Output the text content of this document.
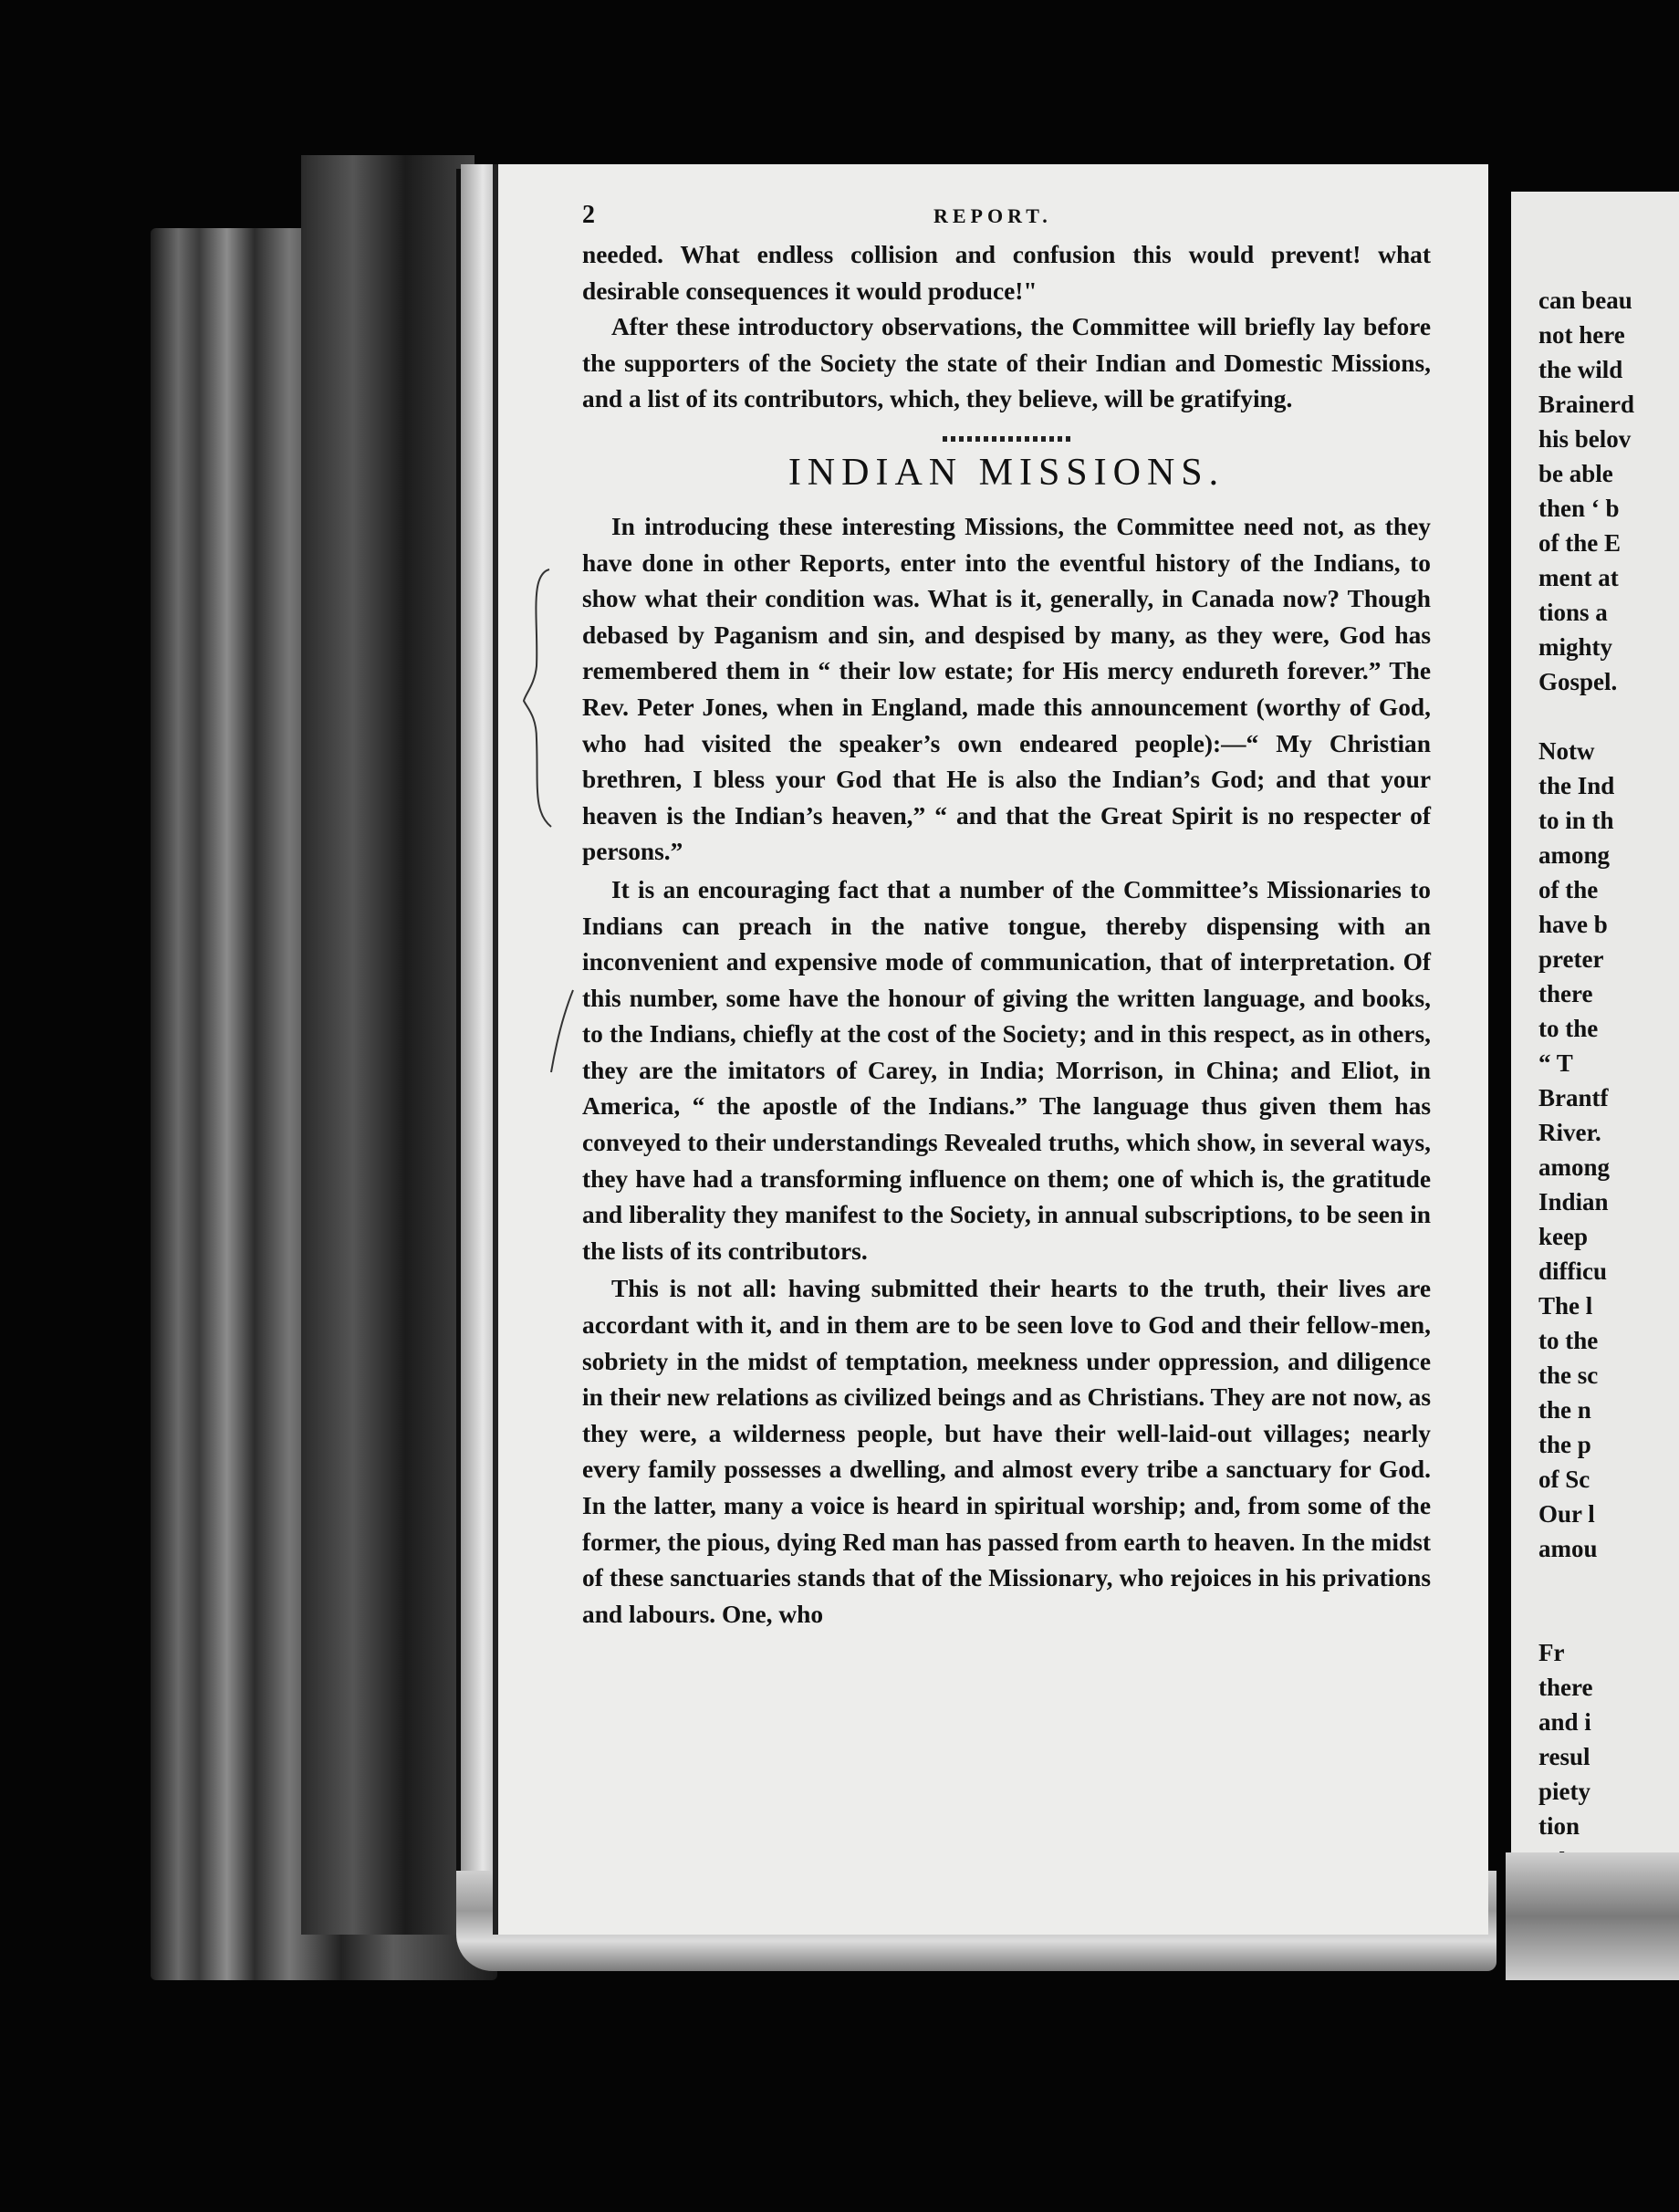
2	REPORT.

needed. What endless collision and confusion this would prevent! what desirable consequences it would produce!"

After these introductory observations, the Committee will briefly lay before the supporters of the Society the state of their Indian and Domestic Missions, and a list of its contributors, which, they believe, will be gratifying.

INDIAN MISSIONS.

In introducing these interesting Missions, the Committee need not, as they have done in other Reports, enter into the eventful history of the Indians, to show what their condition was. What is it, generally, in Canada now? Though debased by Paganism and sin, and despised by many, as they were, God has remembered them in “ their low estate; for His mercy endureth forever.” The Rev. Peter Jones, when in England, made this announcement (worthy of God, who had visited the speaker’s own endeared people):—“ My Christian brethren, I bless your God that He is also the Indian’s God; and that your heaven is the Indian’s heaven,” “ and that the Great Spirit is no respecter of persons.”

It is an encouraging fact that a number of the Committee’s Missionaries to Indians can preach in the native tongue, thereby dispensing with an inconvenient and expensive mode of communication, that of interpretation. Of this number, some have the honour of giving the written language, and books, to the Indians, chiefly at the cost of the Society; and in this respect, as in others, they are the imitators of Carey, in India; Morrison, in China; and Eliot, in America, “ the apostle of the Indians.” The language thus given them has conveyed to their understandings Revealed truths, which show, in several ways, they have had a transforming influence on them; one of which is, the gratitude and liberality they manifest to the Society, in annual subscriptions, to be seen in the lists of its contributors.

This is not all: having submitted their hearts to the truth, their lives are accordant with it, and in them are to be seen love to God and their fellow-men, sobriety in the midst of temptation, meekness under oppression, and diligence in their new relations as civilized beings and as Christians. They are not now, as they were, a wilderness people, but have their well-laid-out villages; nearly every family possesses a dwelling, and almost every tribe a sanctuary for God. In the latter, many a voice is heard in spiritual worship; and, from some of the former, the pious, dying Red man has passed from earth to heaven. In the midst of these sanctuaries stands that of the Missionary, who rejoices in his privations and labours. One, who

can beau
not here
the wild
Brainerd
his belov
be able
then ‘ b
of the E
ment at
tions a
mighty
Gospel.
Notw
the Ind
to in th
among
of the
have b
preter
there
to the
“ T
Brantf
River.
among
Indian
keep
difficu
The l
to the
the sc
the n
the p
of Sc
Our l
amou
Fr
there
and i
resul
piety
tion
